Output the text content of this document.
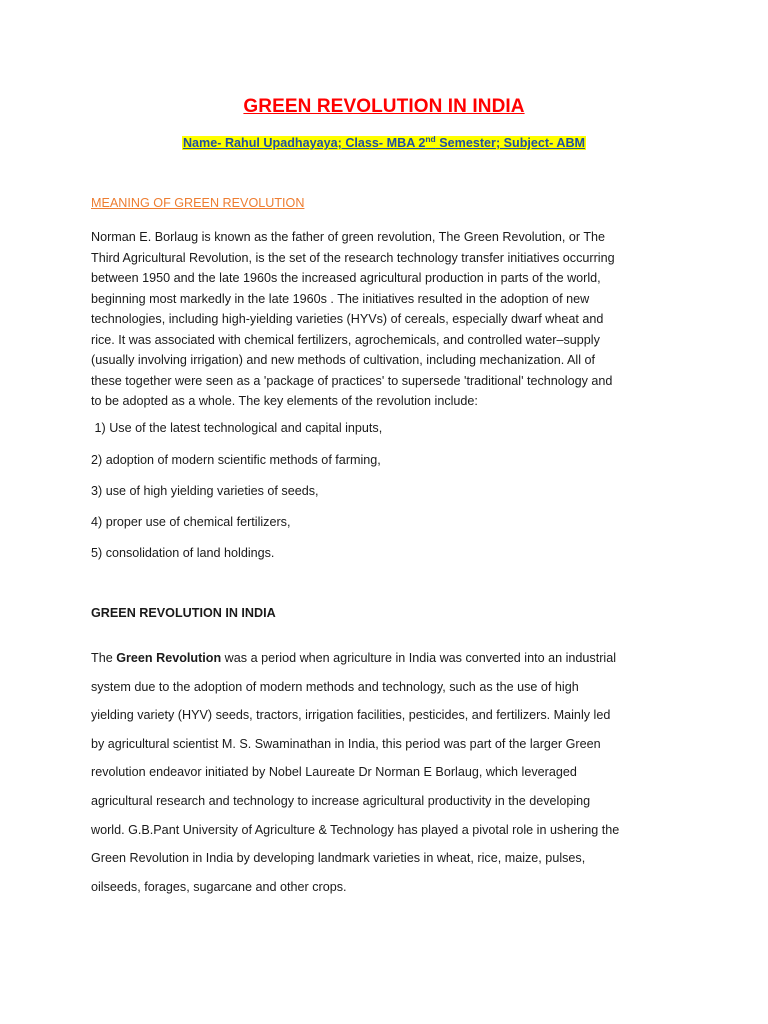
GREEN REVOLUTION IN INDIA
Name- Rahul Upadhayaya; Class- MBA 2nd Semester; Subject- ABM
MEANING OF GREEN REVOLUTION
Norman E. Borlaug is known as the father of green revolution, The Green Revolution, or The
Third Agricultural Revolution, is the set of the research technology transfer initiatives occurring
between 1950 and the late 1960s the increased agricultural production in parts of the world,
beginning most markedly in the late 1960s . The initiatives resulted in the adoption of new
technologies, including high-yielding varieties (HYVs) of cereals, especially dwarf wheat and
rice. It was associated with chemical fertilizers, agrochemicals, and controlled water–supply
(usually involving irrigation) and new methods of cultivation, including mechanization. All of
these together were seen as a 'package of practices' to supersede 'traditional' technology and
to be adopted as a whole. The key elements of the revolution include:
1) Use of the latest technological and capital inputs,
2) adoption of modern scientific methods of farming,
3) use of high yielding varieties of seeds,
4) proper use of chemical fertilizers,
5) consolidation of land holdings.
GREEN REVOLUTION IN INDIA
The Green Revolution was a period when agriculture in India was converted into an industrial
system due to the adoption of modern methods and technology, such as the use of high
yielding variety (HYV) seeds, tractors, irrigation facilities, pesticides, and fertilizers. Mainly led
by agricultural scientist M. S. Swaminathan in India, this period was part of the larger Green
revolution endeavor initiated by Nobel Laureate Dr Norman E Borlaug, which leveraged
agricultural research and technology to increase agricultural productivity in the developing
world. G.B.Pant University of Agriculture & Technology has played a pivotal role in ushering the
Green Revolution in India by developing landmark varieties in wheat, rice, maize, pulses,
oilseeds, forages, sugarcane and other crops.
